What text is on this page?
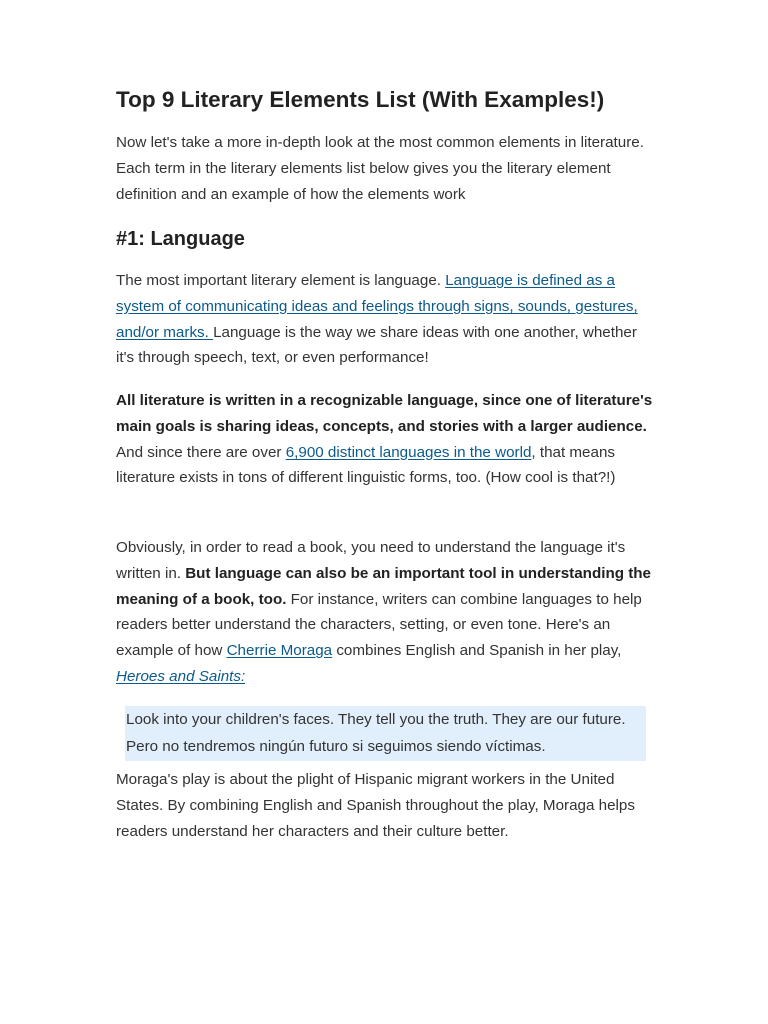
Top 9 Literary Elements List (With Examples!)

Now let's take a more in-depth look at the most common elements in literature. Each term in the literary elements list below gives you the literary element definition and an example of how the elements work

#1: Language

The most important literary element is language. Language is defined as a system of communicating ideas and feelings through signs, sounds, gestures, and/or marks. Language is the way we share ideas with one another, whether it's through speech, text, or even performance!

All literature is written in a recognizable language, since one of literature's main goals is sharing ideas, concepts, and stories with a larger audience. And since there are over 6,900 distinct languages in the world, that means literature exists in tons of different linguistic forms, too. (How cool is that?!)

Obviously, in order to read a book, you need to understand the language it's written in. But language can also be an important tool in understanding the meaning of a book, too. For instance, writers can combine languages to help readers better understand the characters, setting, or even tone. Here's an example of how Cherrie Moraga combines English and Spanish in her play, Heroes and Saints:

Look into your children's faces. They tell you the truth. They are our future.
Pero no tendremos ningún futuro si seguimos siendo víctimas.

Moraga's play is about the plight of Hispanic migrant workers in the United States. By combining English and Spanish throughout the play, Moraga helps readers understand her characters and their culture better.
